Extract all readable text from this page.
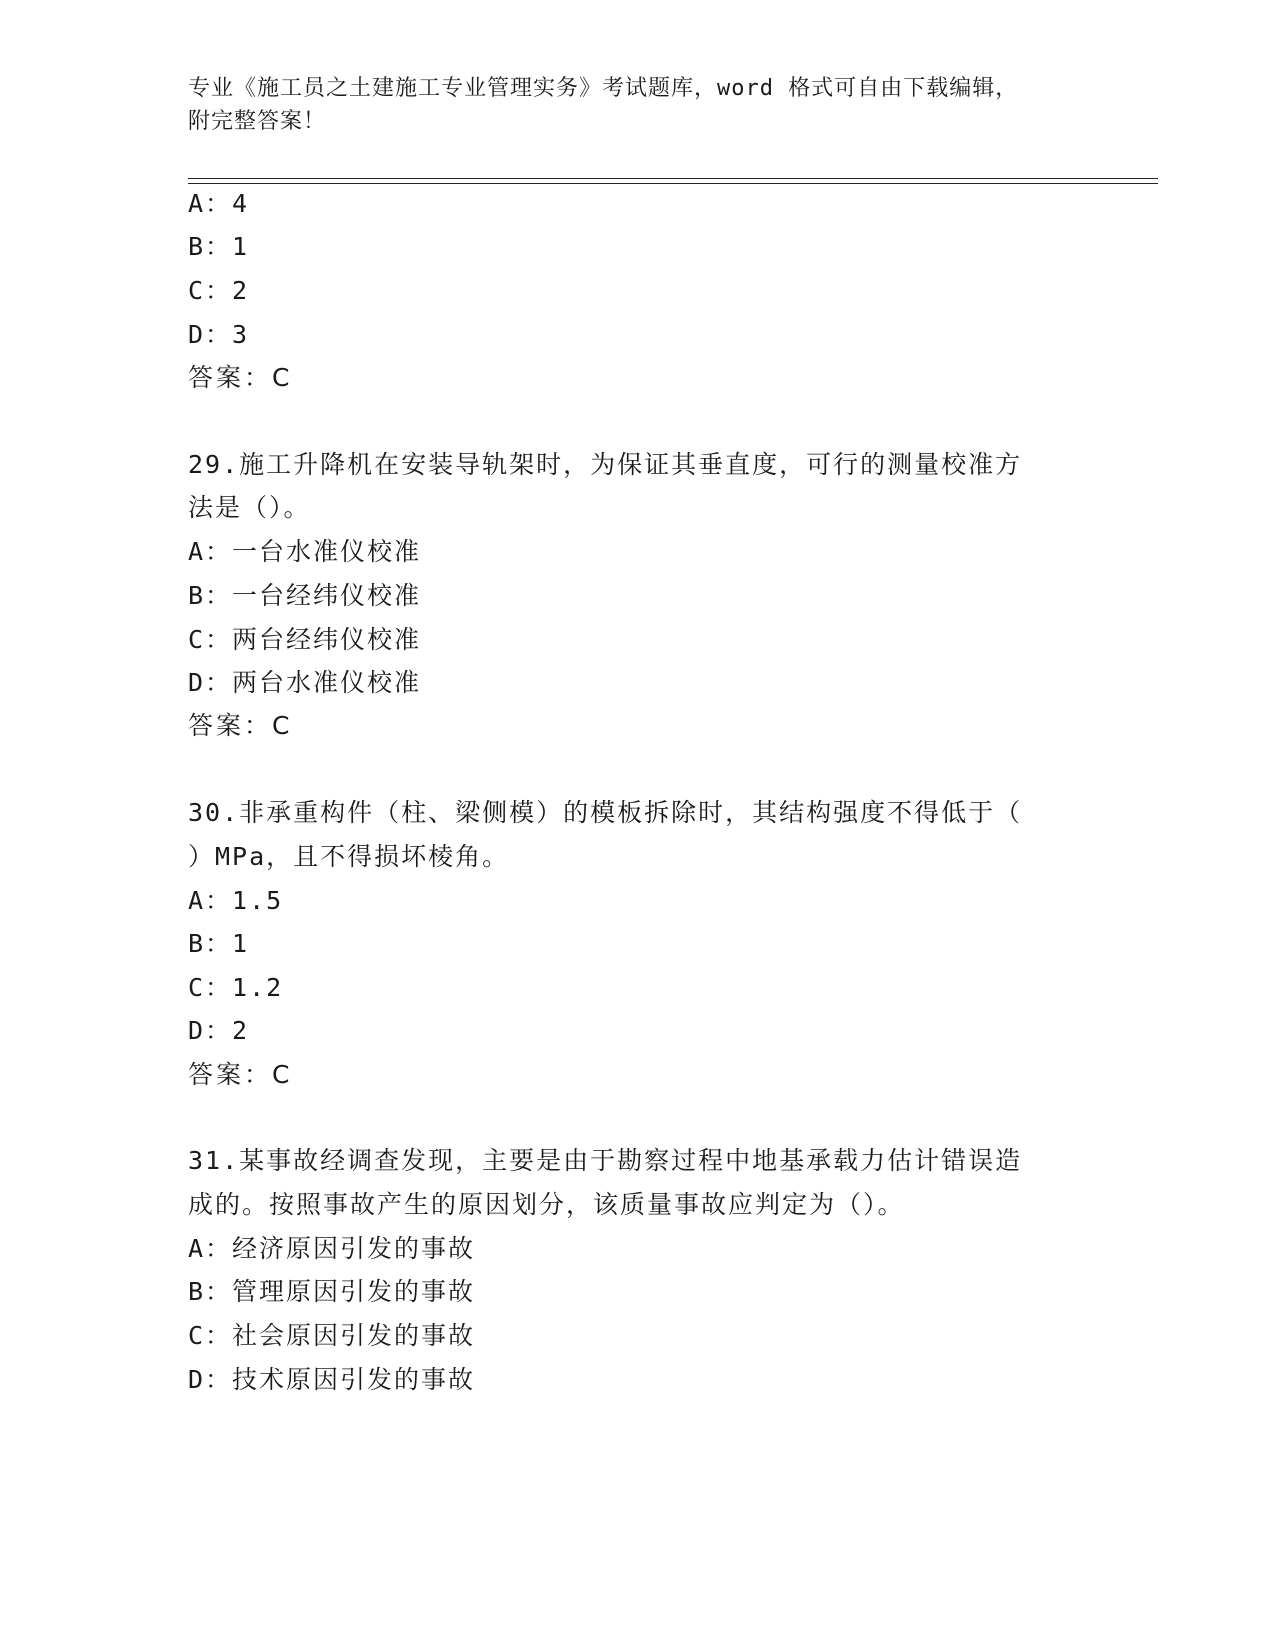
专业《施工员之土建施工专业管理实务》考试题库，word 格式可自由下载编辑，
附完整答案！
A：4
B：1
C：2
D：3
答案：C
29.施工升降机在安装导轨架时，为保证其垂直度，可行的测量校准方
法是（）。
A：一台水准仪校准
B：一台经纬仪校准
C：两台经纬仪校准
D：两台水准仪校准
答案：C
30.非承重构件（柱、梁侧模）的模板拆除时，其结构强度不得低于（
）MPa，且不得损坏棱角。
A：1.5
B：1
C：1.2
D：2
答案：C
31.某事故经调查发现，主要是由于勘察过程中地基承载力估计错误造
成的。按照事故产生的原因划分，该质量事故应判定为（）。
A：经济原因引发的事故
B：管理原因引发的事故
C：社会原因引发的事故
D：技术原因引发的事故
